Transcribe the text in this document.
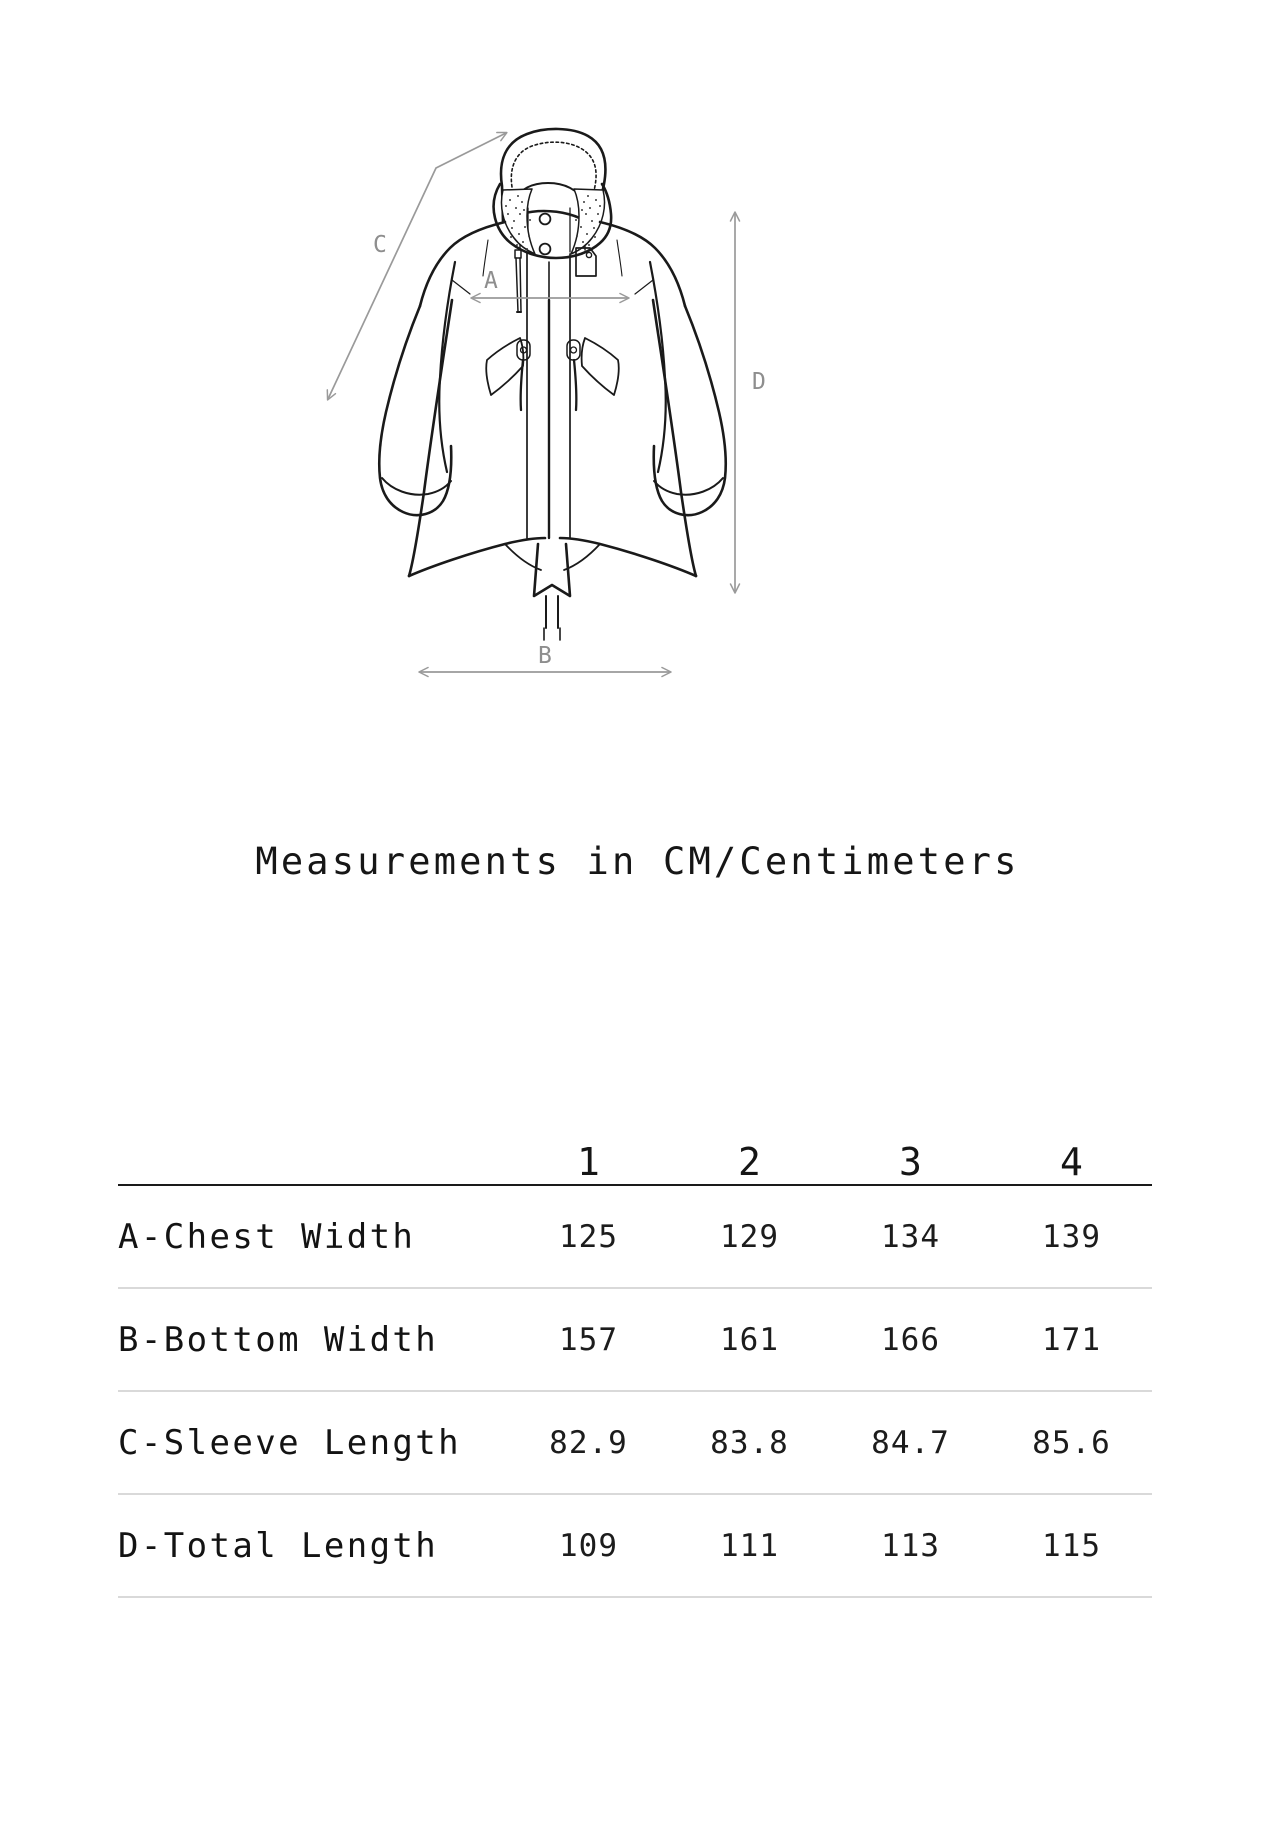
A
B
C
D
Measurements in CM/Centimeters
	1	2	3	4
A-Chest Width	125	129	134	139
B-Bottom Width	157	161	166	171
C-Sleeve Length	82.9	83.8	84.7	85.6
D-Total Length	109	111	113	115
